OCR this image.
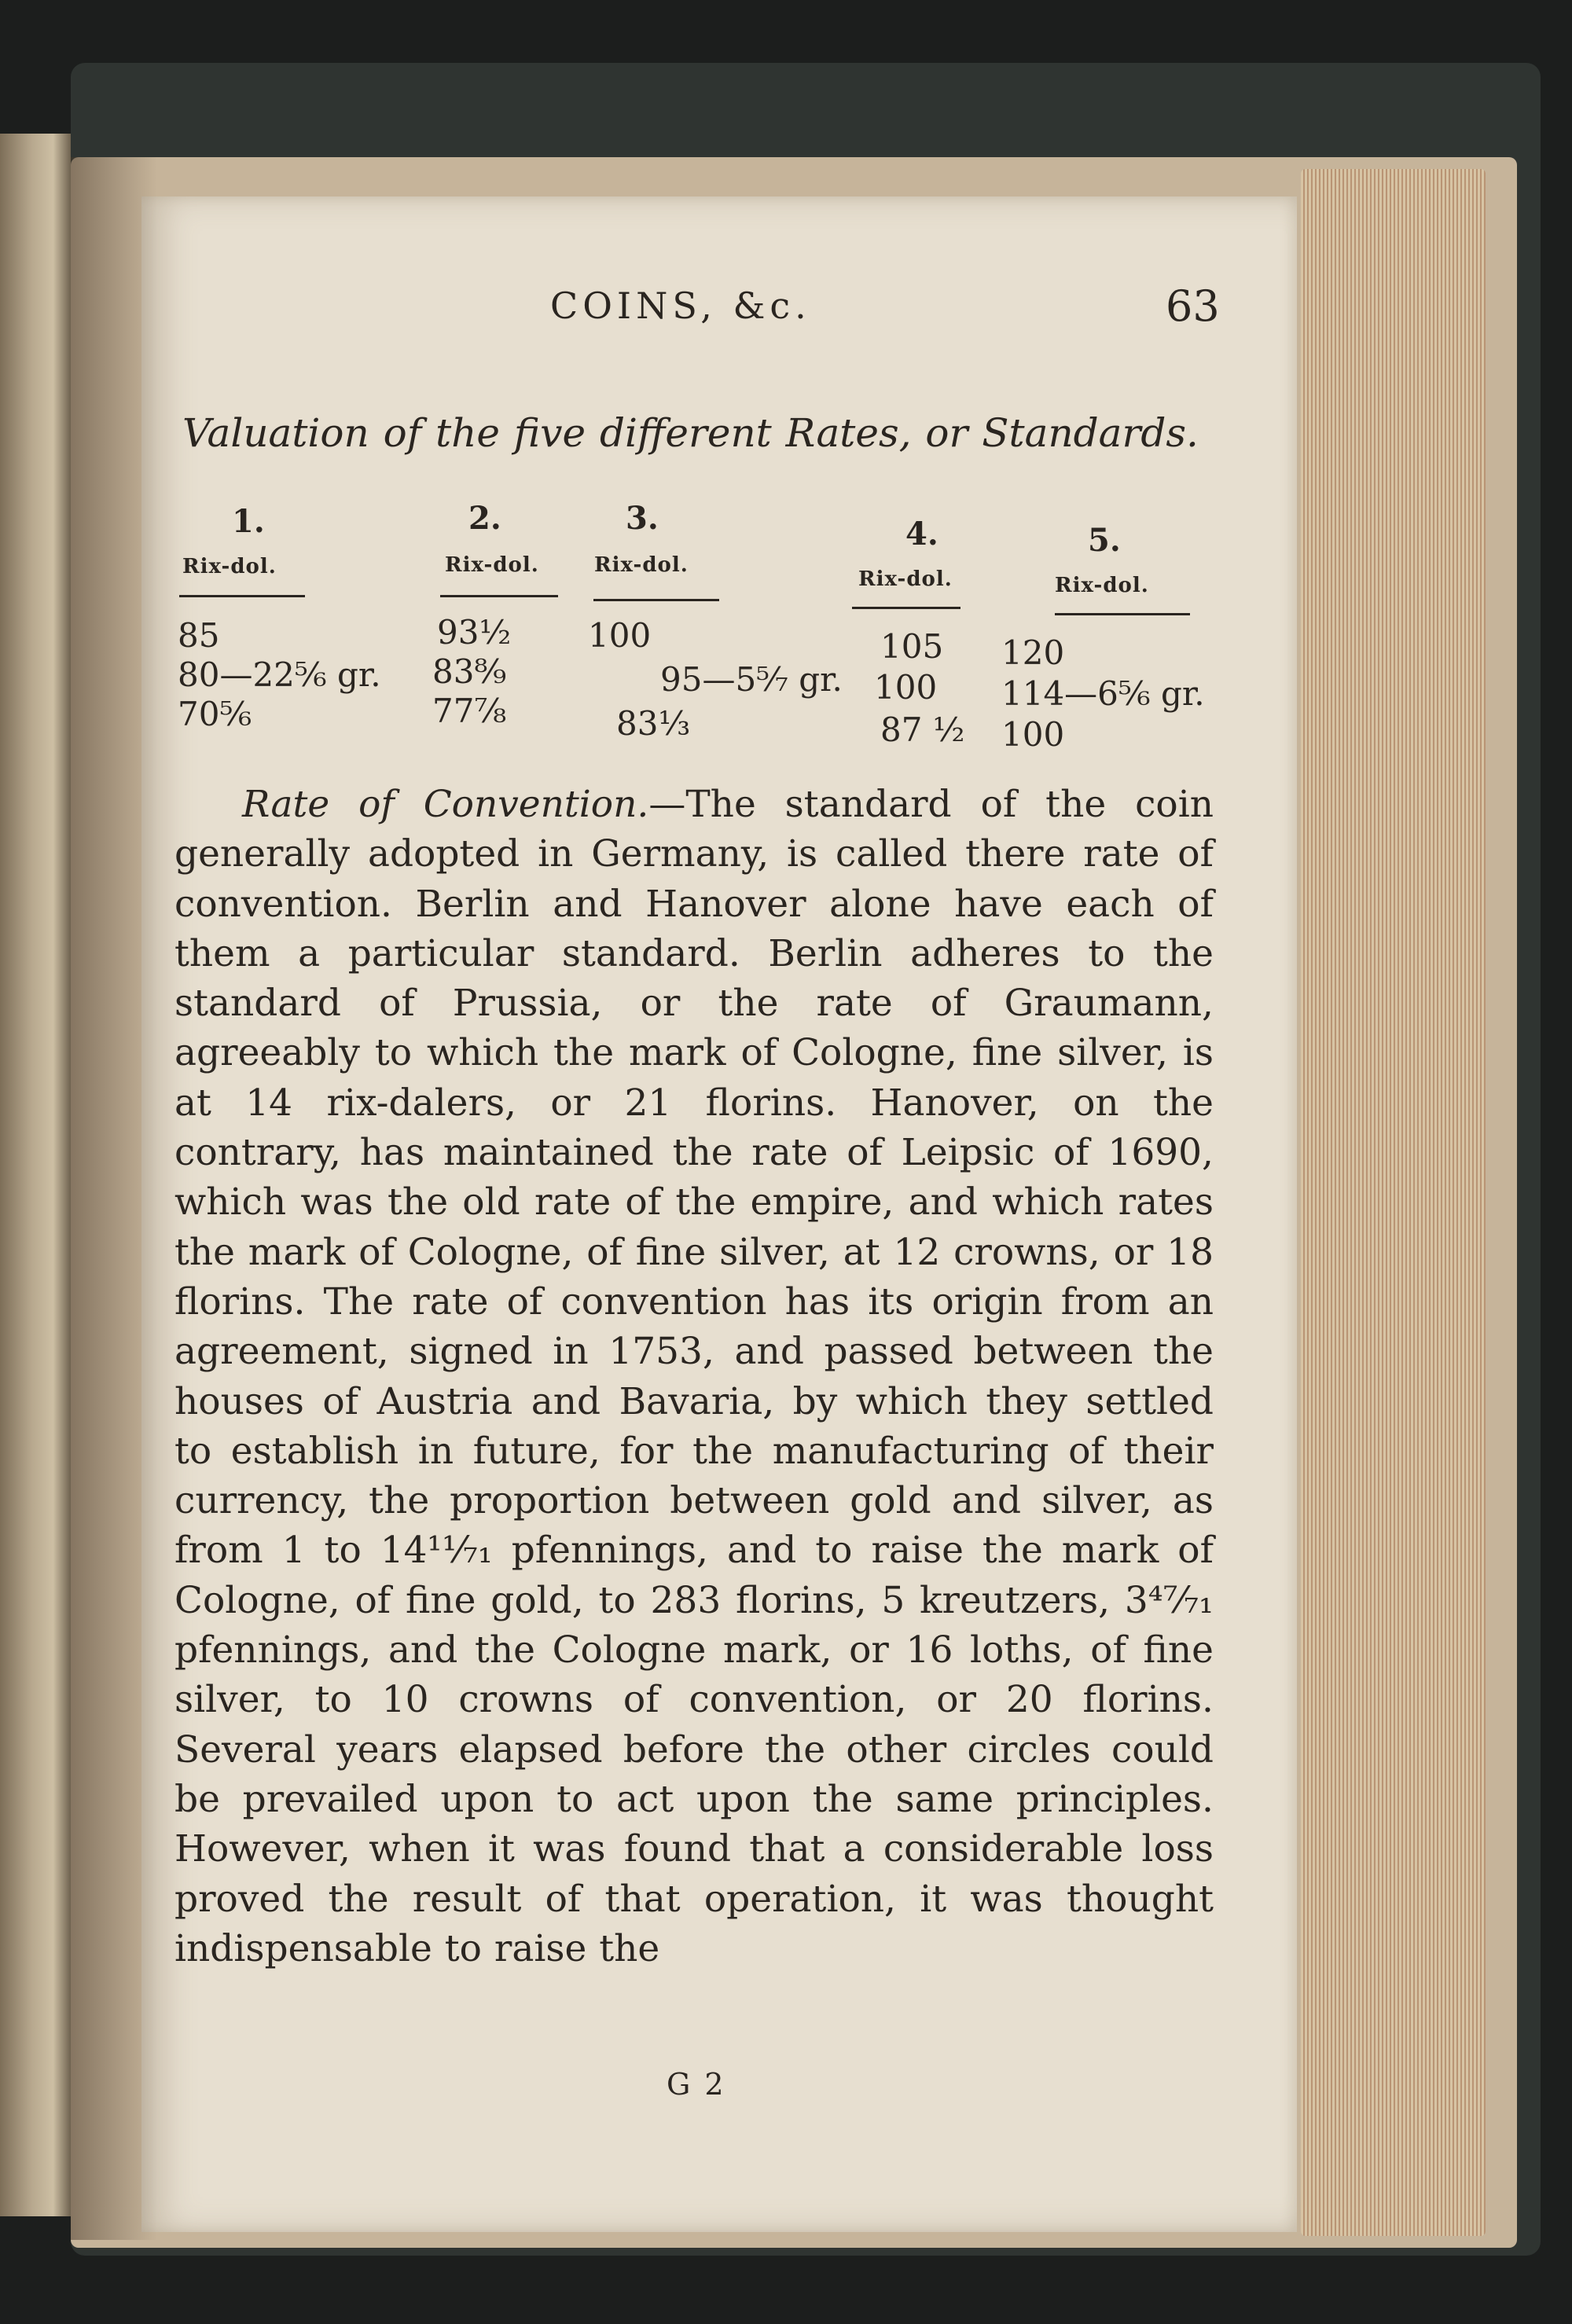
COINS, &c.	63
Valuation of the five different Rates, or Standards.
1.
Rix-dol.
85
80—22⅚ gr.
70⅚
2.
Rix-dol.
93½
83⁸⁄₉
77⅞
3.
Rix-dol.
100
95—5⁵⁄₇ gr.
83⅓
4.
Rix-dol.
105
100
87 ½
5.
Rix-dol.
120
114—6⅚ gr.
100
Rate of Convention.—The standard of the coin generally adopted in Germany, is called there rate of convention. Berlin and Hanover alone have each of them a particular standard. Berlin adheres to the standard of Prussia, or the rate of Graumann, agreeably to which the mark of Cologne, fine silver, is at 14 rix-dalers, or 21 florins. Hanover, on the contrary, has maintained the rate of Leipsic of 1690, which was the old rate of the empire, and which rates the mark of Cologne, of fine silver, at 12 crowns, or 18 florins. The rate of convention has its origin from an agreement, signed in 1753, and passed between the houses of Austria and Bavaria, by which they settled to establish in future, for the manufacturing of their currency, the proportion between gold and silver, as from 1 to 14¹¹⁄₇₁ pfennings, and to raise the mark of Cologne, of fine gold, to 283 florins, 5 kreutzers, 3⁴⁷⁄₇₁ pfennings, and the Cologne mark, or 16 loths, of fine silver, to 10 crowns of convention, or 20 florins. Several years elapsed before the other circles could be prevailed upon to act upon the same principles. However, when it was found that a considerable loss proved the result of that operation, it was thought indispensable to raise the
G 2
